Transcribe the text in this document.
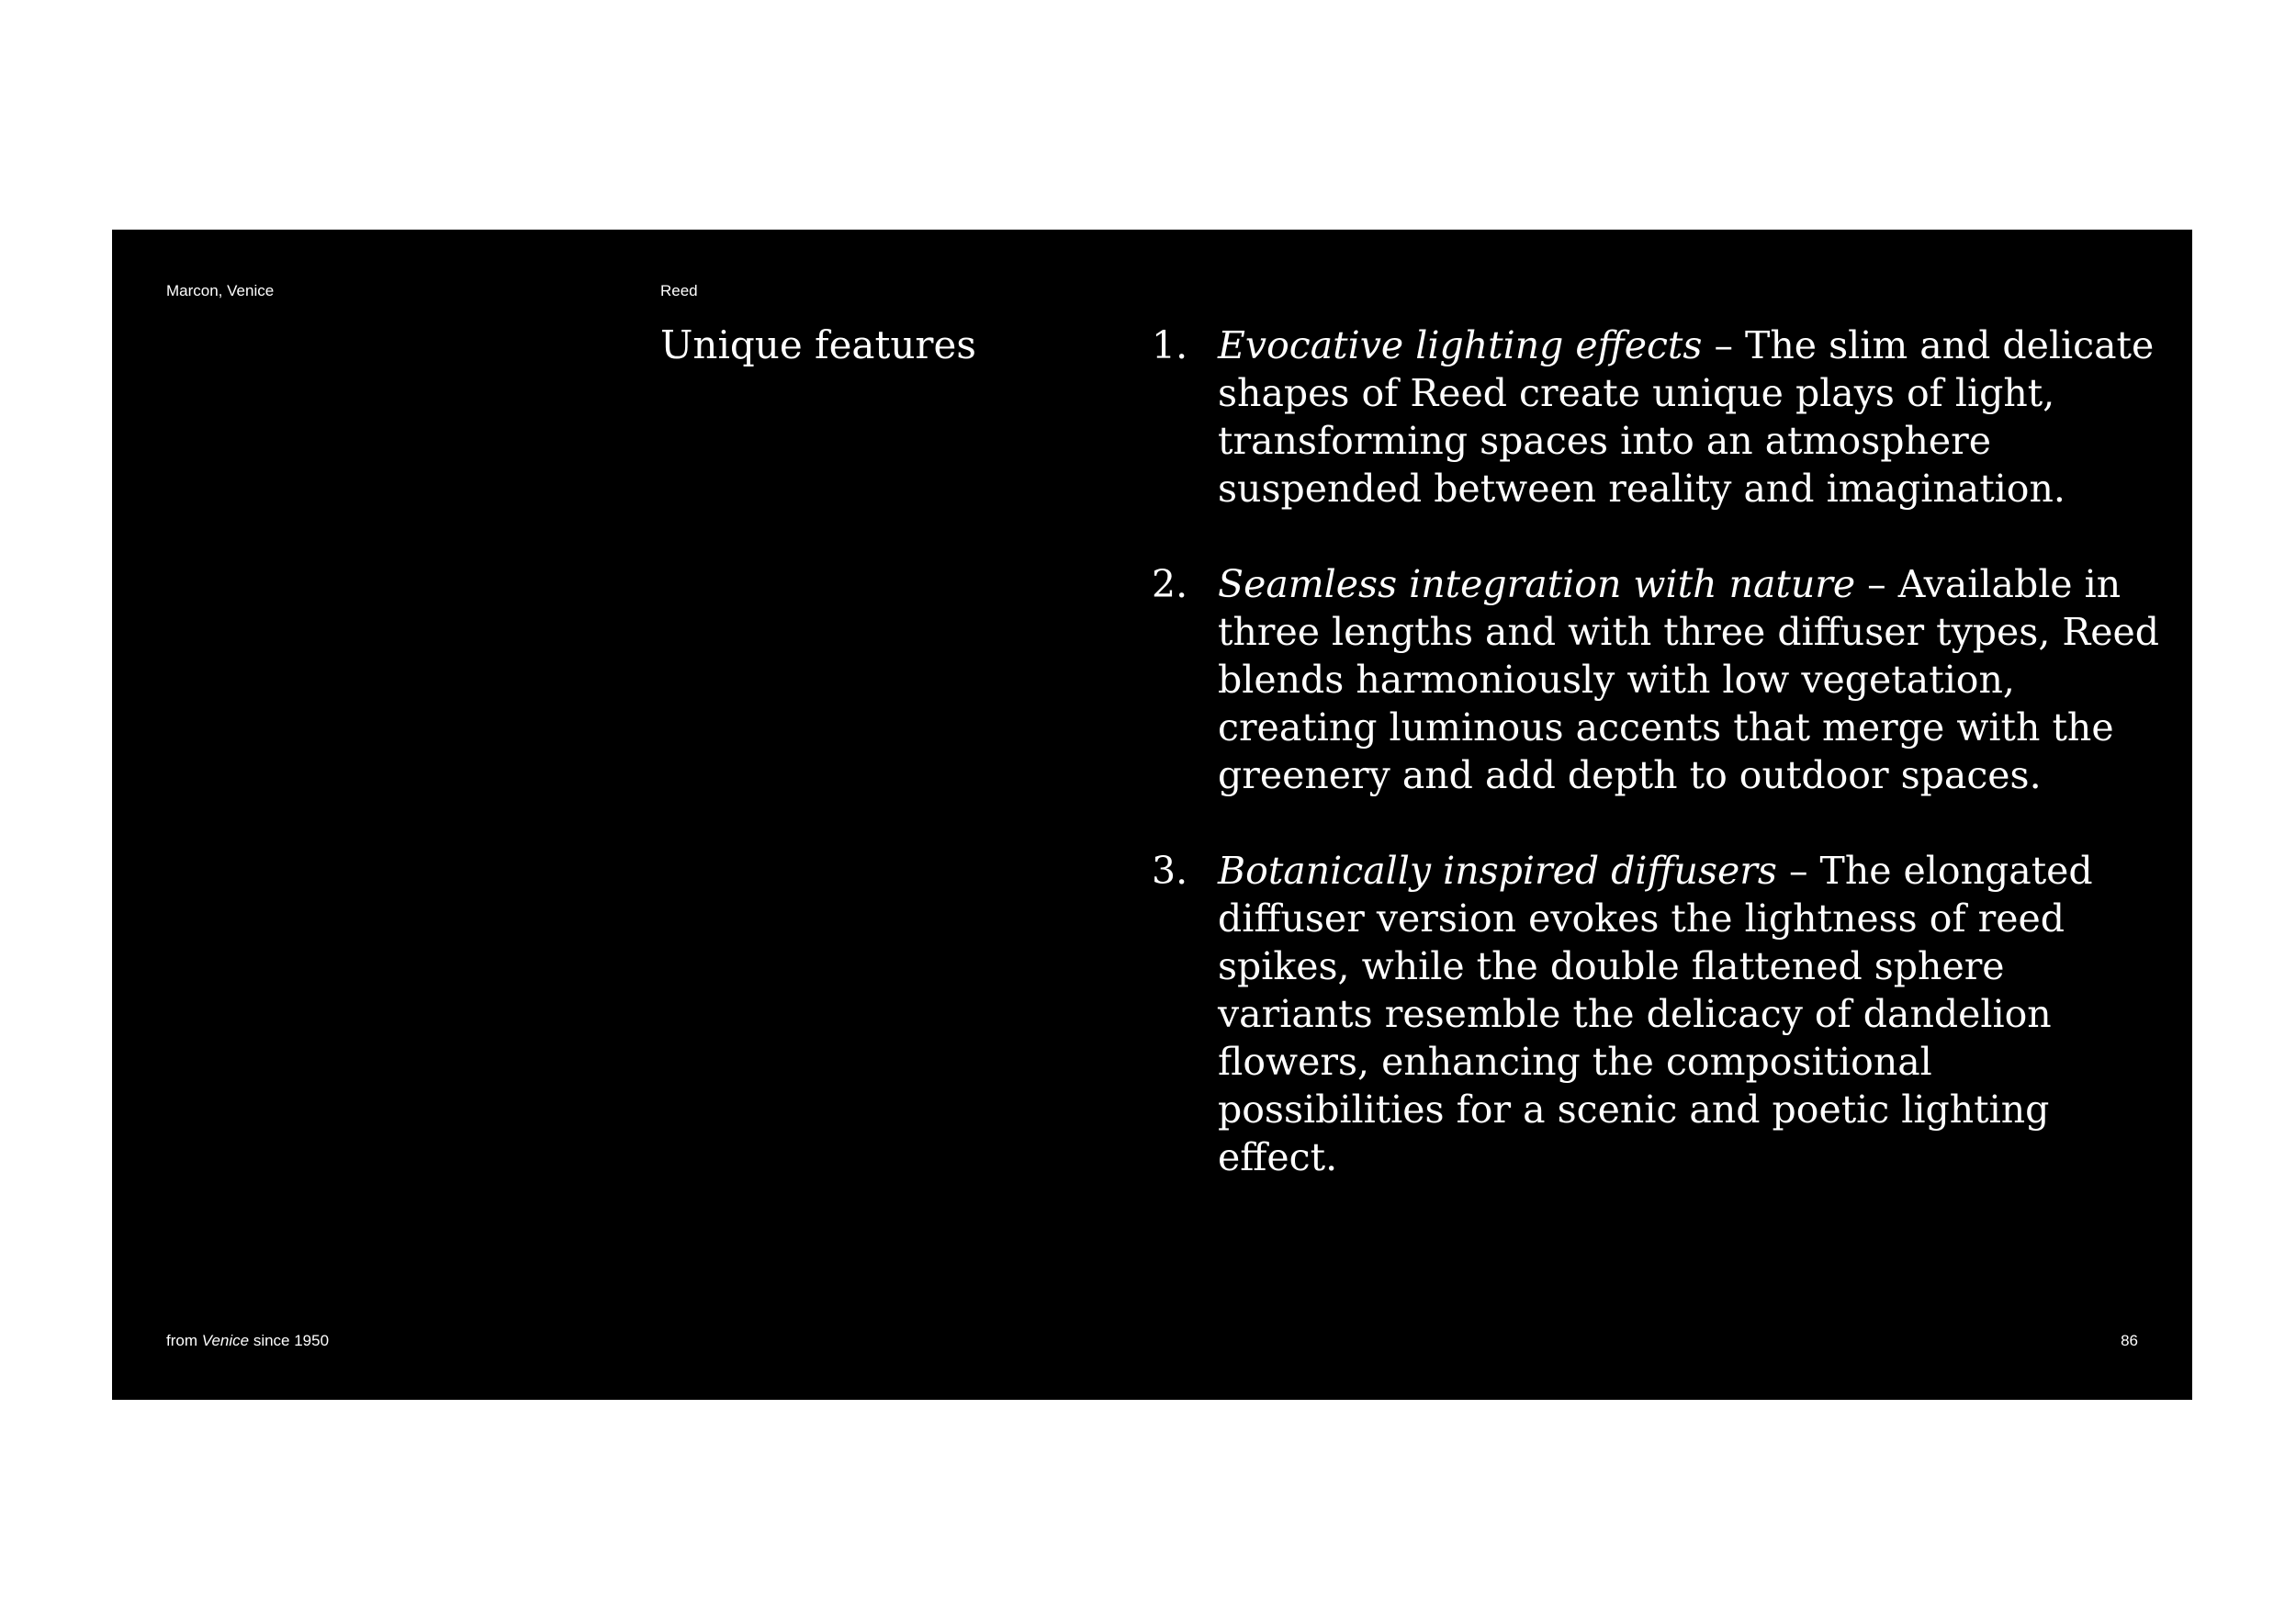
Marcon, Venice	Reed
Unique features	1. Evocative lighting effects – The slim and delicate shapes of Reed create unique plays of light, transforming spaces into an atmosphere suspended between reality and imagination.
2. Seamless integration with nature – Available in three lengths and with three diffuser types, Reed blends harmoniously with low vegetation, creating luminous accents that merge with the greenery and add depth to outdoor spaces.
3. Botanically inspired diffusers – The elongated diffuser version evokes the lightness of reed spikes, while the double flattened sphere variants resemble the delicacy of dandelion flowers, enhancing the compositional possibilities for a scenic and poetic lighting effect.
from Venice since 1950	86
